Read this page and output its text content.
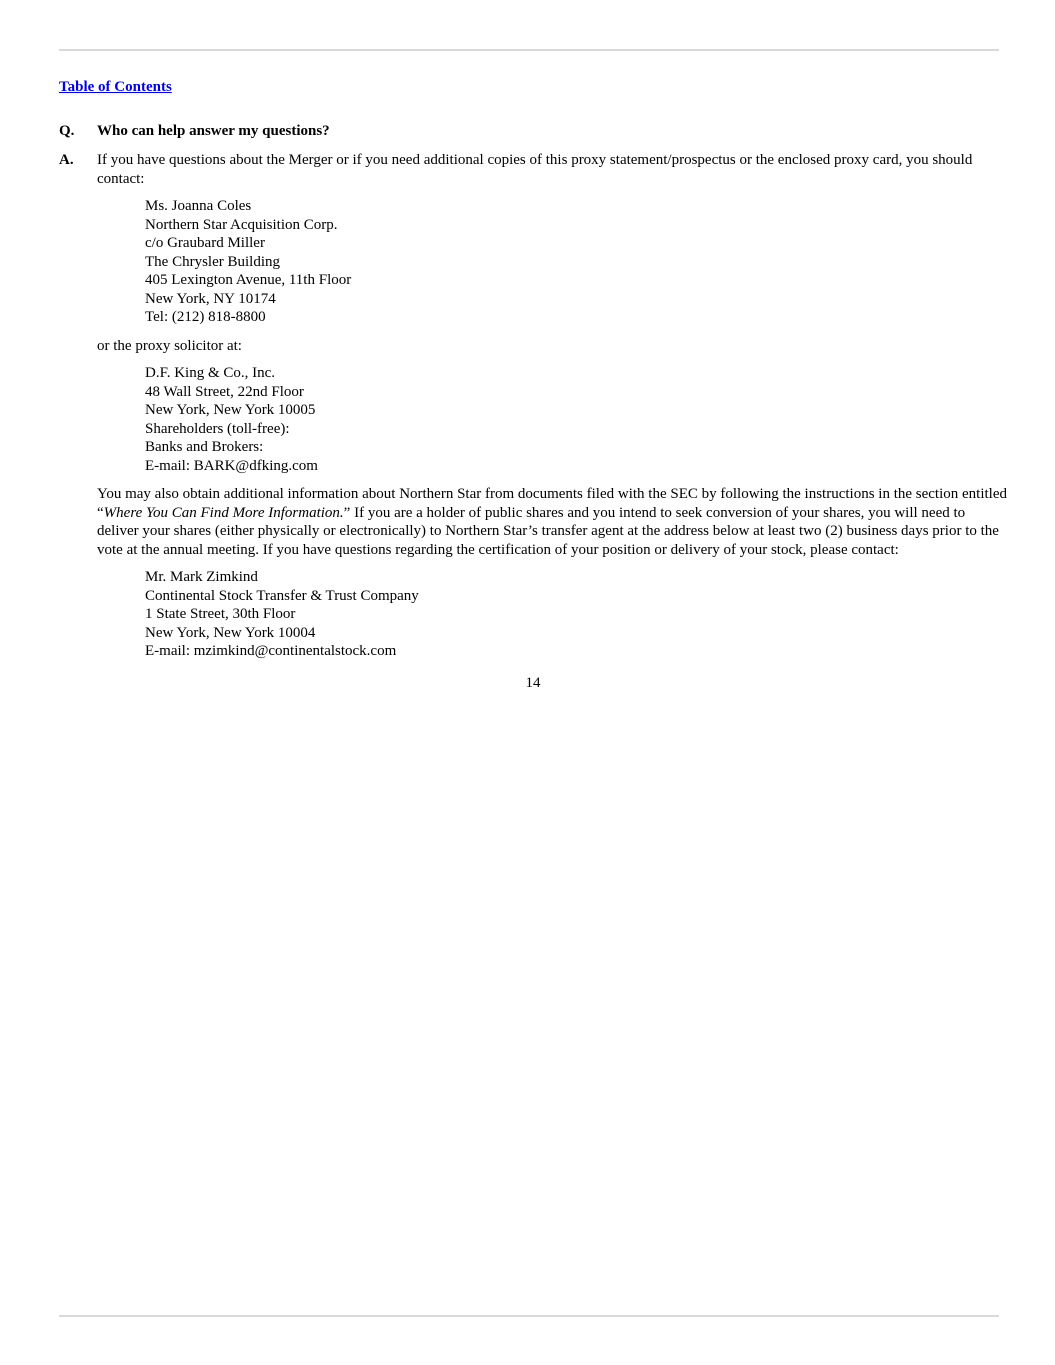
Table of Contents
Q. Who can help answer my questions?
A. If you have questions about the Merger or if you need additional copies of this proxy statement/prospectus or the enclosed proxy card, you should contact:
Ms. Joanna Coles
Northern Star Acquisition Corp.
c/o Graubard Miller
The Chrysler Building
405 Lexington Avenue, 11th Floor
New York, NY 10174
Tel: (212) 818-8800
or the proxy solicitor at:
D.F. King & Co., Inc.
48 Wall Street, 22nd Floor
New York, New York 10005
Shareholders (toll-free):
Banks and Brokers:
E-mail: BARK@dfking.com
You may also obtain additional information about Northern Star from documents filed with the SEC by following the instructions in the section entitled “Where You Can Find More Information.” If you are a holder of public shares and you intend to seek conversion of your shares, you will need to deliver your shares (either physically or electronically) to Northern Star’s transfer agent at the address below at least two (2) business days prior to the vote at the annual meeting. If you have questions regarding the certification of your position or delivery of your stock, please contact:
Mr. Mark Zimkind
Continental Stock Transfer & Trust Company
1 State Street, 30th Floor
New York, New York 10004
E-mail: mzimkind@continentalstock.com
14
